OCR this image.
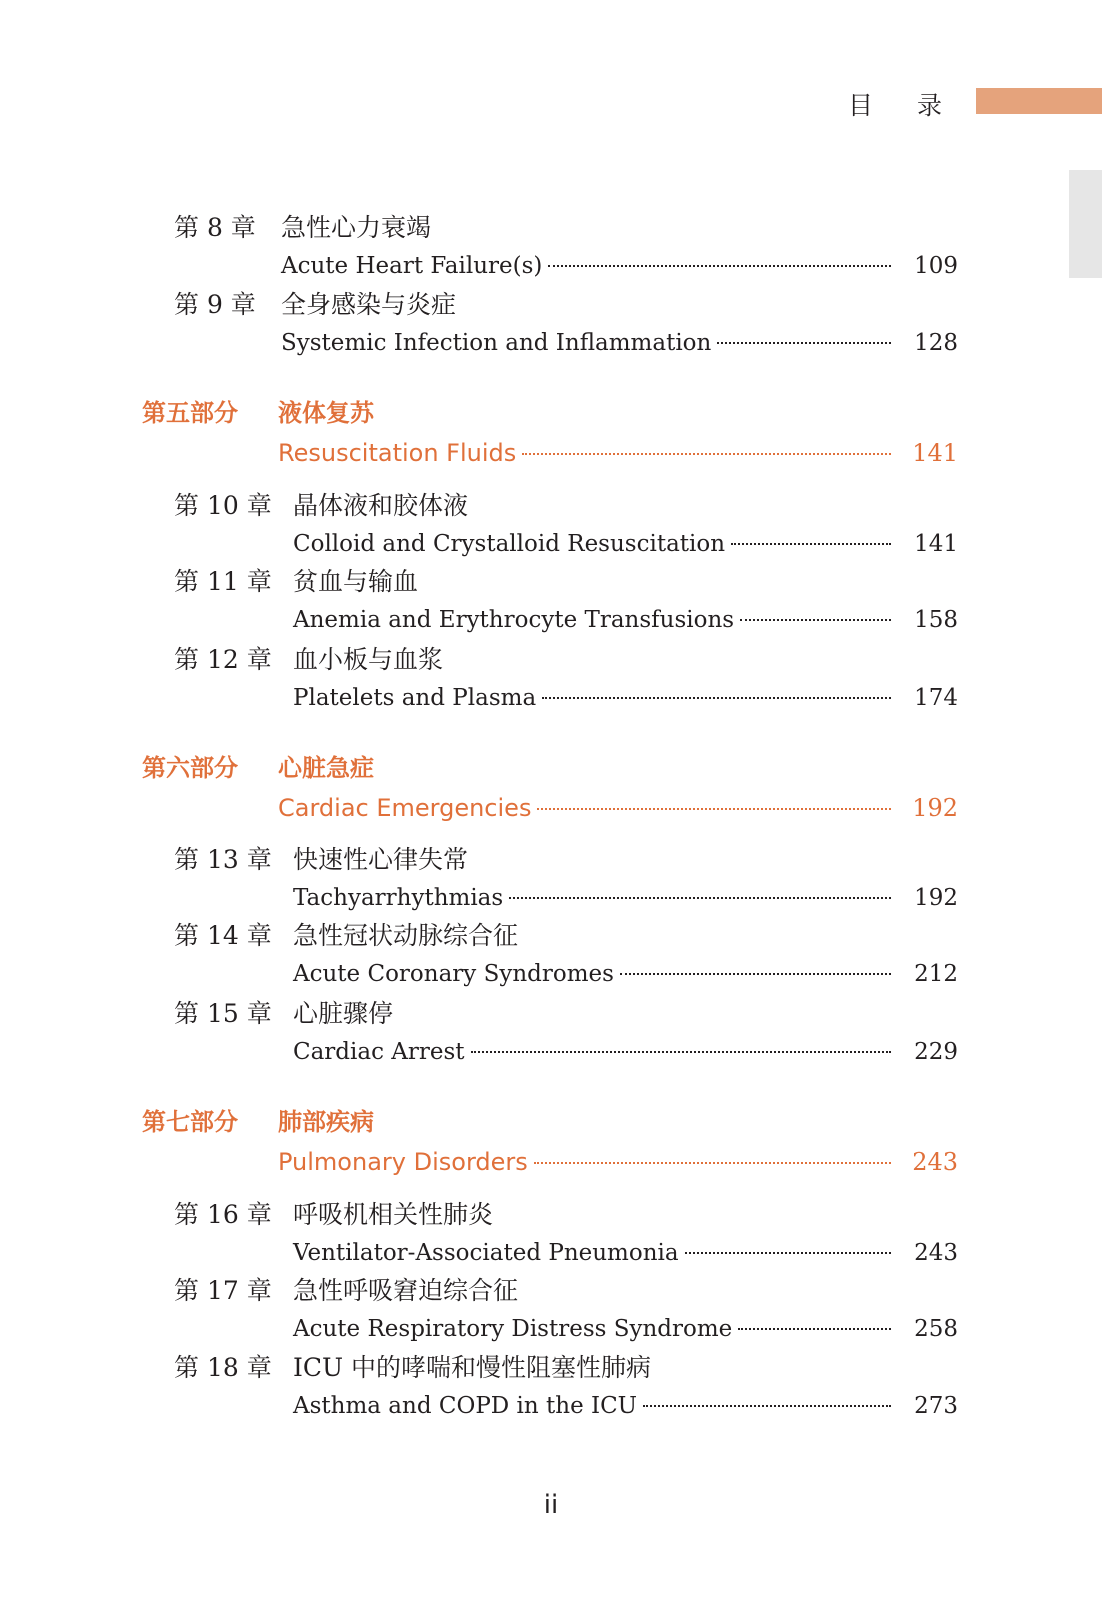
目 录
第 8 章 急性心力衰竭
Acute Heart Failure(s)	109
第 9 章 全身感染与炎症
Systemic Infection and Inflammation	128
第五部分 液体复苏
Resuscitation Fluids	141
第 10 章 晶体液和胶体液
Colloid and Crystalloid Resuscitation	141
第 11 章 贫血与输血
Anemia and Erythrocyte Transfusions	158
第 12 章 血小板与血浆
Platelets and Plasma	174
第六部分 心脏急症
Cardiac Emergencies	192
第 13 章 快速性心律失常
Tachyarrhythmias	192
第 14 章 急性冠状动脉综合征
Acute Coronary Syndromes	212
第 15 章 心脏骤停
Cardiac Arrest	229
第七部分 肺部疾病
Pulmonary Disorders	243
第 16 章 呼吸机相关性肺炎
Ventilator-Associated Pneumonia	243
第 17 章 急性呼吸窘迫综合征
Acute Respiratory Distress Syndrome	258
第 18 章 ICU 中的哮喘和慢性阻塞性肺病
Asthma and COPD in the ICU	273
ii
